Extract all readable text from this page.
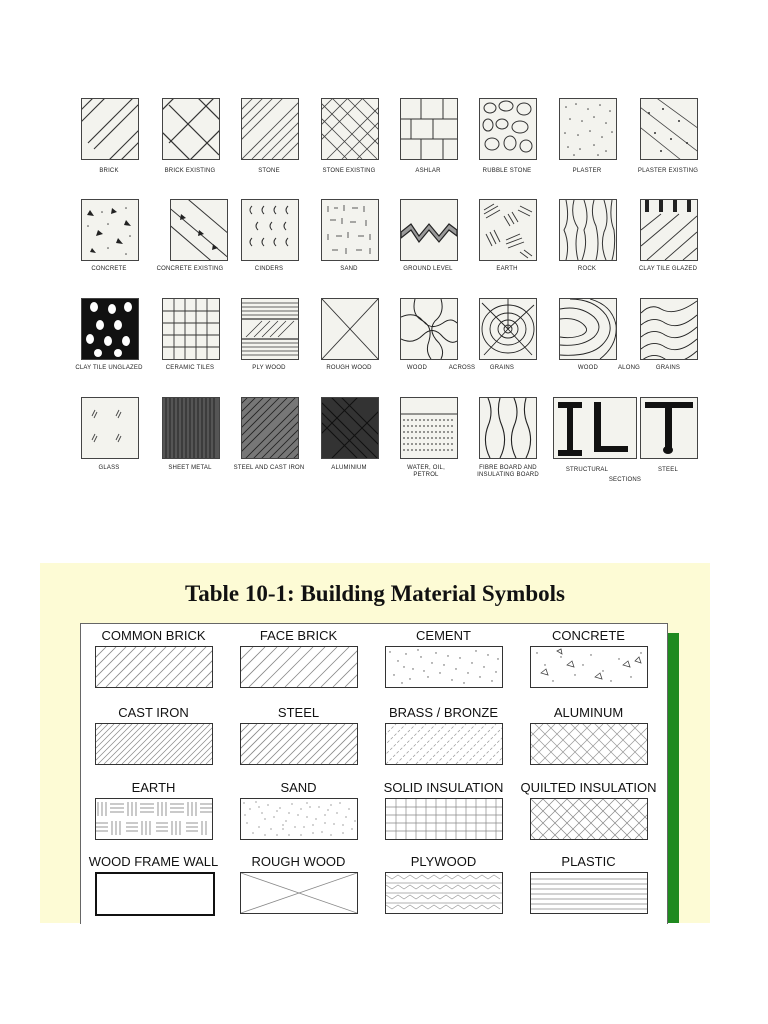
BRICK	BRICK EXISTING	STONE	STONE EXISTING	ASHLAR	RUBBLE STONE	PLASTER	PLASTER EXISTING
CONCRETE	CONCRETE EXISTING	CINDERS	SAND	GROUND LEVEL	EARTH	ROCK	CLAY TILE GLAZED
CLAY TILE UNGLAZED	CERAMIC TILES	PLY WOOD	ROUGH WOOD	WOOD	ACROSS	GRAINS	WOOD	ALONG	GRAINS
GLASS	SHEET METAL	STEEL AND CAST IRON	ALUMINIUM	WATER, OIL, PETROL
FIBRE BOARD AND INSULATING BOARD
STRUCTURAL	STEEL
SECTIONS
Table 10-1: Building Material Symbols
COMMON BRICK	FACE BRICK	CEMENT	CONCRETE
CAST IRON	STEEL	BRASS / BRONZE	ALUMINUM
EARTH	SAND	SOLID INSULATION	QUILTED INSULATION
WOOD FRAME WALL	ROUGH WOOD	PLYWOOD	PLASTIC
